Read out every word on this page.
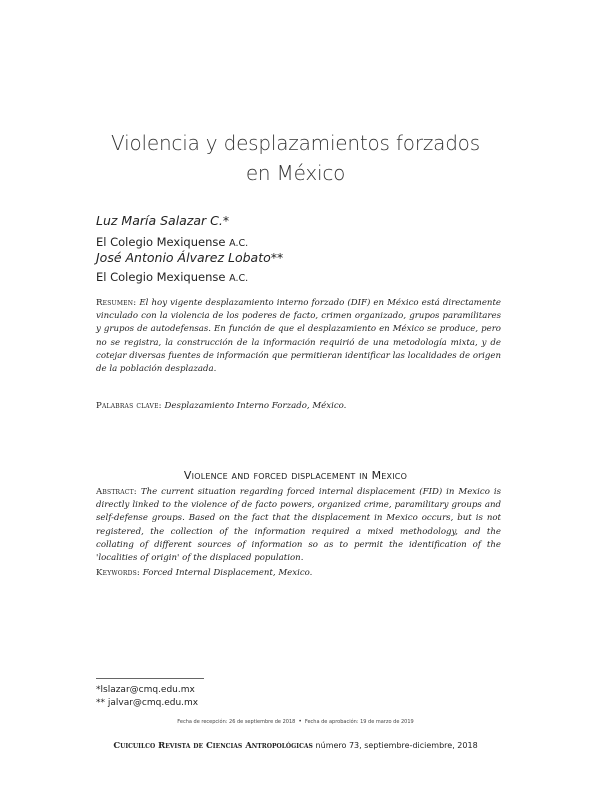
Violencia y desplazamientos forzados
en México
Luz María Salazar C.*
El Colegio Mexiquense A.C.
José Antonio Álvarez Lobato**
El Colegio Mexiquense A.C.
Resumen: El hoy vigente desplazamiento interno forzado (DIF) en México está directamente vinculado con la violencia de los poderes de facto, crimen organizado, grupos paramilitares y grupos de autodefensas. En función de que el desplazamiento en México se produce, pero no se registra, la construcción de la información requirió de una metodología mixta, y de cotejar diversas fuentes de información que permitieran identificar las localidades de origen de la población desplazada.
Palabras clave: Desplazamiento Interno Forzado, México.
Violence and forced displacement in Mexico
Abstract: The current situation regarding forced internal displacement (FID) in Mexico is directly linked to the violence of de facto powers, organized crime, paramilitary groups and self-defense groups. Based on the fact that the displacement in Mexico occurs, but is not registered, the collection of the information required a mixed methodology, and the collating of different sources of information so as to permit the identification of the 'localities of origin' of the displaced population.
Keywords: Forced Internal Displacement, Mexico.
*lslazar@cmq.edu.mx
** jalvar@cmq.edu.mx
Fecha de recepción: 26 de septiembre de 2018 • Fecha de aprobación: 19 de marzo de 2019
Cuicuilco Revista de Ciencias Antropológicas número 73, septiembre-diciembre, 2018
